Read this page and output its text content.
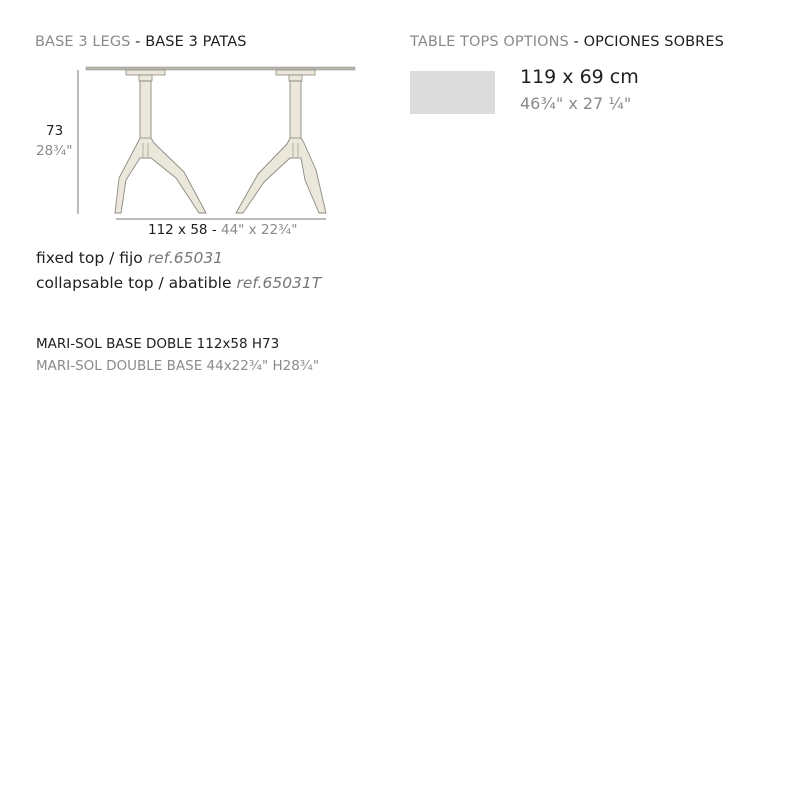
BASE 3 LEGS - BASE 3 PATAS	TABLE TOPS OPTIONS - OPCIONES SOBRES
73
28¾"
112 x 58 - 44" x 22¾"
fixed top / fijo ref.65031
collapsable top / abatible ref.65031T
MARI-SOL BASE DOBLE 112x58 H73
MARI-SOL DOUBLE BASE 44x22¾" H28¾"
119 x 69 cm
46¾" x 27 ¼"
